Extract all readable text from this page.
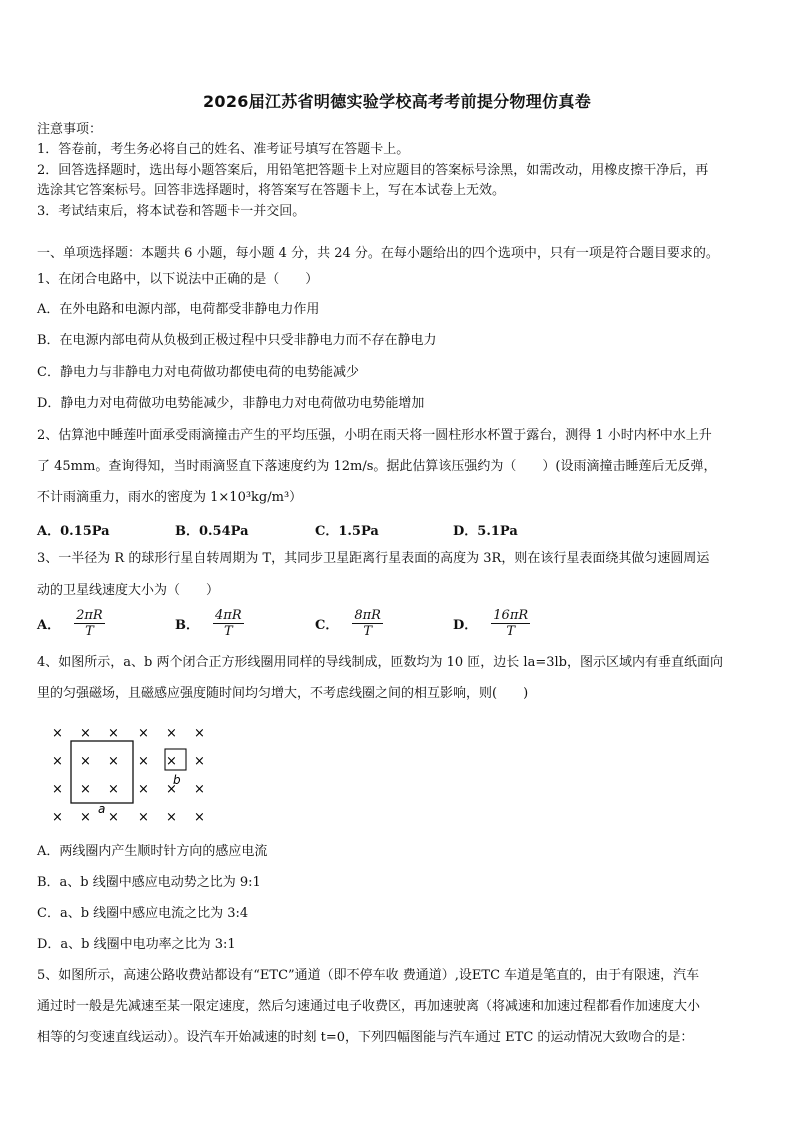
2026届江苏省明德实验学校高考考前提分物理仿真卷
注意事项：
1．答卷前，考生务必将自己的姓名、准考证号填写在答题卡上。
2．回答选择题时，选出每小题答案后，用铅笔把答题卡上对应题目的答案标号涂黑，如需改动，用橡皮擦干净后，再
选涂其它答案标号。回答非选择题时，将答案写在答题卡上，写在本试卷上无效。
3．考试结束后，将本试卷和答题卡一并交回。
一、单项选择题：本题共 6 小题，每小题 4 分，共 24 分。在每小题给出的四个选项中，只有一项是符合题目要求的。
1、在闭合电路中，以下说法中正确的是（　　）
A．在外电路和电源内部，电荷都受非静电力作用
B．在电源内部电荷从负极到正极过程中只受非静电力而不存在静电力
C．静电力与非静电力对电荷做功都使电荷的电势能减少
D．静电力对电荷做功电势能减少，非静电力对电荷做功电势能增加
2、估算池中睡莲叶面承受雨滴撞击产生的平均压强，小明在雨天将一圆柱形水杯置于露台，测得 1 小时内杯中水上升
了 45mm。查询得知，当时雨滴竖直下落速度约为 12m/s。据此估算该压强约为（　　）(设雨滴撞击睡莲后无反弹，
不计雨滴重力，雨水的密度为 1×10³kg/m³）
A．0.15Pa	B．0.54Pa	C．1.5Pa	D．5.1Pa
3、一半径为 R 的球形行星自转周期为 T，其同步卫星距离行星表面的高度为 3R，则在该行星表面绕其做匀速圆周运
动的卫星线速度大小为（　　）
A． $\frac{2\pi R}{T}$	B． $\frac{4\pi R}{T}$	C． $\frac{8\pi R}{T}$	D． $\frac{16\pi R}{T}$
4、如图所示，a、b 两个闭合正方形线圈用同样的导线制成，匝数均为 10 匝，边长 la=3lb，图示区域内有垂直纸面向
里的匀强磁场，且磁感应强度随时间均匀增大，不考虑线圈之间的相互影响，则(　　)
× × × × × ×
× × × × × ×
× × × × × ×
× × × × × ×
a
b
A．两线圈内产生顺时针方向的感应电流
B．a、b 线圈中感应电动势之比为 9:1
C．a、b 线圈中感应电流之比为 3:4
D．a、b 线圈中电功率之比为 3:1
5、如图所示，高速公路收费站都设有“ETC”通道（即不停车收 费通道）,设ETC 车道是笔直的，由于有限速，汽车
通过时一般是先减速至某一限定速度，然后匀速通过电子收费区，再加速驶离（将减速和加速过程都看作加速度大小
相等的匀变速直线运动）。设汽车开始减速的时刻 t=0，下列四幅图能与汽车通过 ETC 的运动情况大致吻合的是：
